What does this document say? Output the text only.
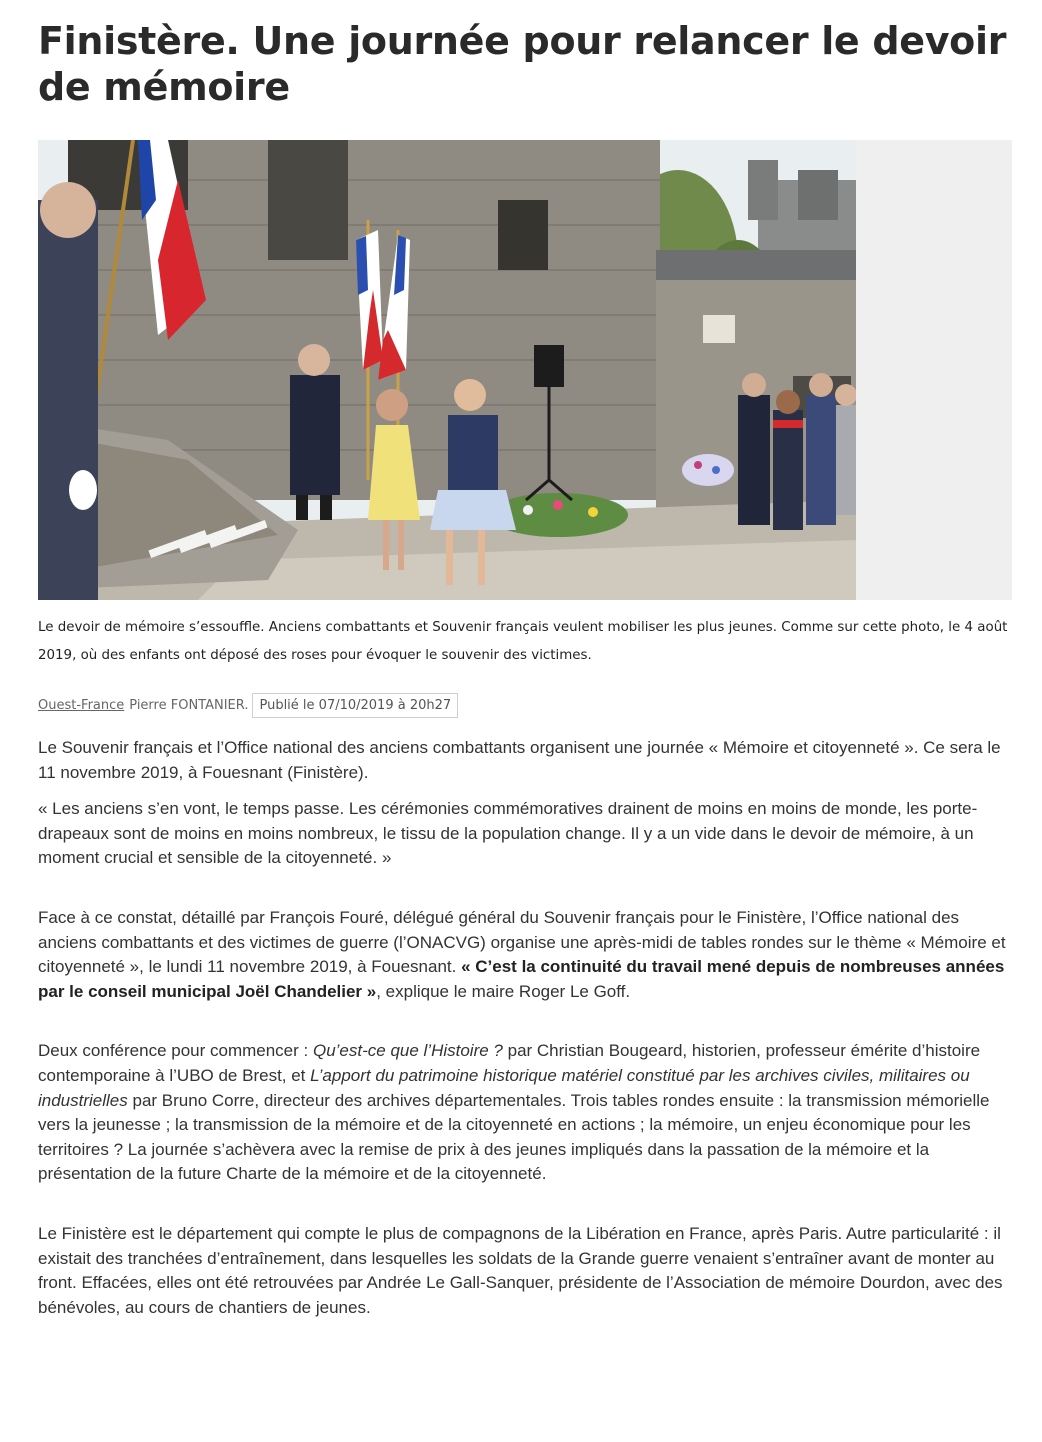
Finistère. Une journée pour relancer le devoir de mémoire

Le devoir de mémoire s’essouffle. Anciens combattants et Souvenir français veulent mobiliser les plus jeunes. Comme sur cette photo, le 4 août 2019, où des enfants ont déposé des roses pour évoquer le souvenir des victimes.

Ouest-France Pierre FONTANIER. Publié le 07/10/2019 à 20h27

Le Souvenir français et l’Office national des anciens combattants organisent une journée « Mémoire et citoyenneté ». Ce sera le 11 novembre 2019, à Fouesnant (Finistère).

« Les anciens s’en vont, le temps passe. Les cérémonies commémoratives drainent de moins en moins de monde, les porte-drapeaux sont de moins en moins nombreux, le tissu de la population change. Il y a un vide dans le devoir de mémoire, à un moment crucial et sensible de la citoyenneté. »

Face à ce constat, détaillé par François Fouré, délégué général du Souvenir français pour le Finistère, l’Office national des anciens combattants et des victimes de guerre (l’ONACVG) organise une après-midi de tables rondes sur le thème « Mémoire et citoyenneté », le lundi 11 novembre 2019, à Fouesnant. « C’est la continuité du travail mené depuis de nombreuses années par le conseil municipal Joël Chandelier », explique le maire Roger Le Goff.

Deux conférence pour commencer : Qu’est-ce que l’Histoire ? par Christian Bougeard, historien, professeur émérite d’histoire contemporaine à l’UBO de Brest, et L’apport du patrimoine historique matériel constitué par les archives civiles, militaires ou industrielles par Bruno Corre, directeur des archives départementales. Trois tables rondes ensuite : la transmission mémorielle vers la jeunesse ; la transmission de la mémoire et de la citoyenneté en actions ; la mémoire, un enjeu économique pour les territoires ? La journée s’achèvera avec la remise de prix à des jeunes impliqués dans la passation de la mémoire et la présentation de la future Charte de la mémoire et de la citoyenneté.

Le Finistère est le département qui compte le plus de compagnons de la Libération en France, après Paris. Autre particularité : il existait des tranchées d’entraînement, dans lesquelles les soldats de la Grande guerre venaient s’entraîner avant de monter au front. Effacées, elles ont été retrouvées par Andrée Le Gall-Sanquer, présidente de l’Association de mémoire Dourdon, avec des bénévoles, au cours de chantiers de jeunes.
